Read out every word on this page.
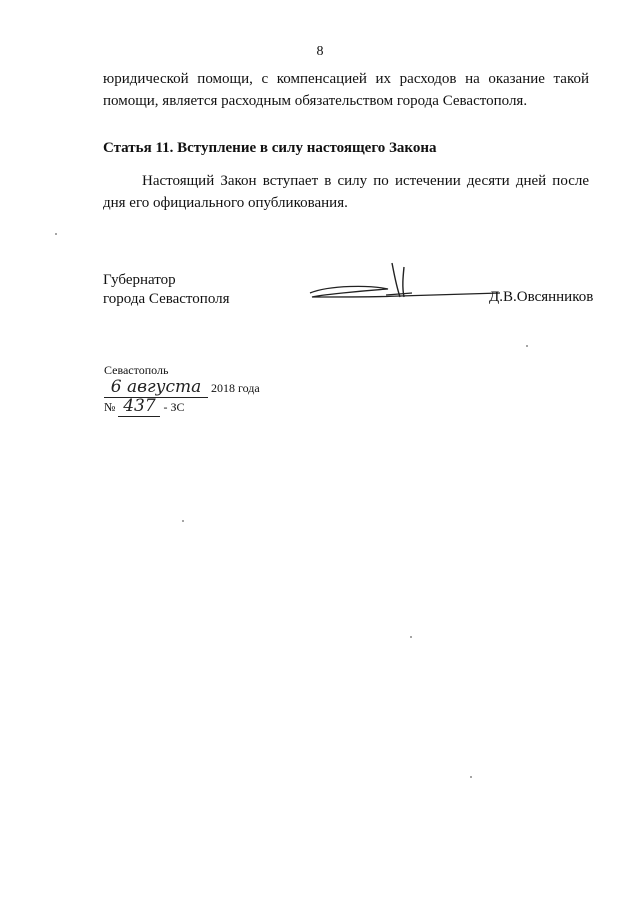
8
юридической помощи, с компенсацией их расходов на оказание такой
помощи, является расходным обязательством города Севастополя.
Статья 11. Вступление в силу настоящего Закона
Настоящий Закон вступает в силу по истечении десяти дней после дня его официального опубликования.
Губернатор
города Севастополя	Д.В.Овсянников
Севастополь
6 августа 2018 года
№ 437 - ЗС
